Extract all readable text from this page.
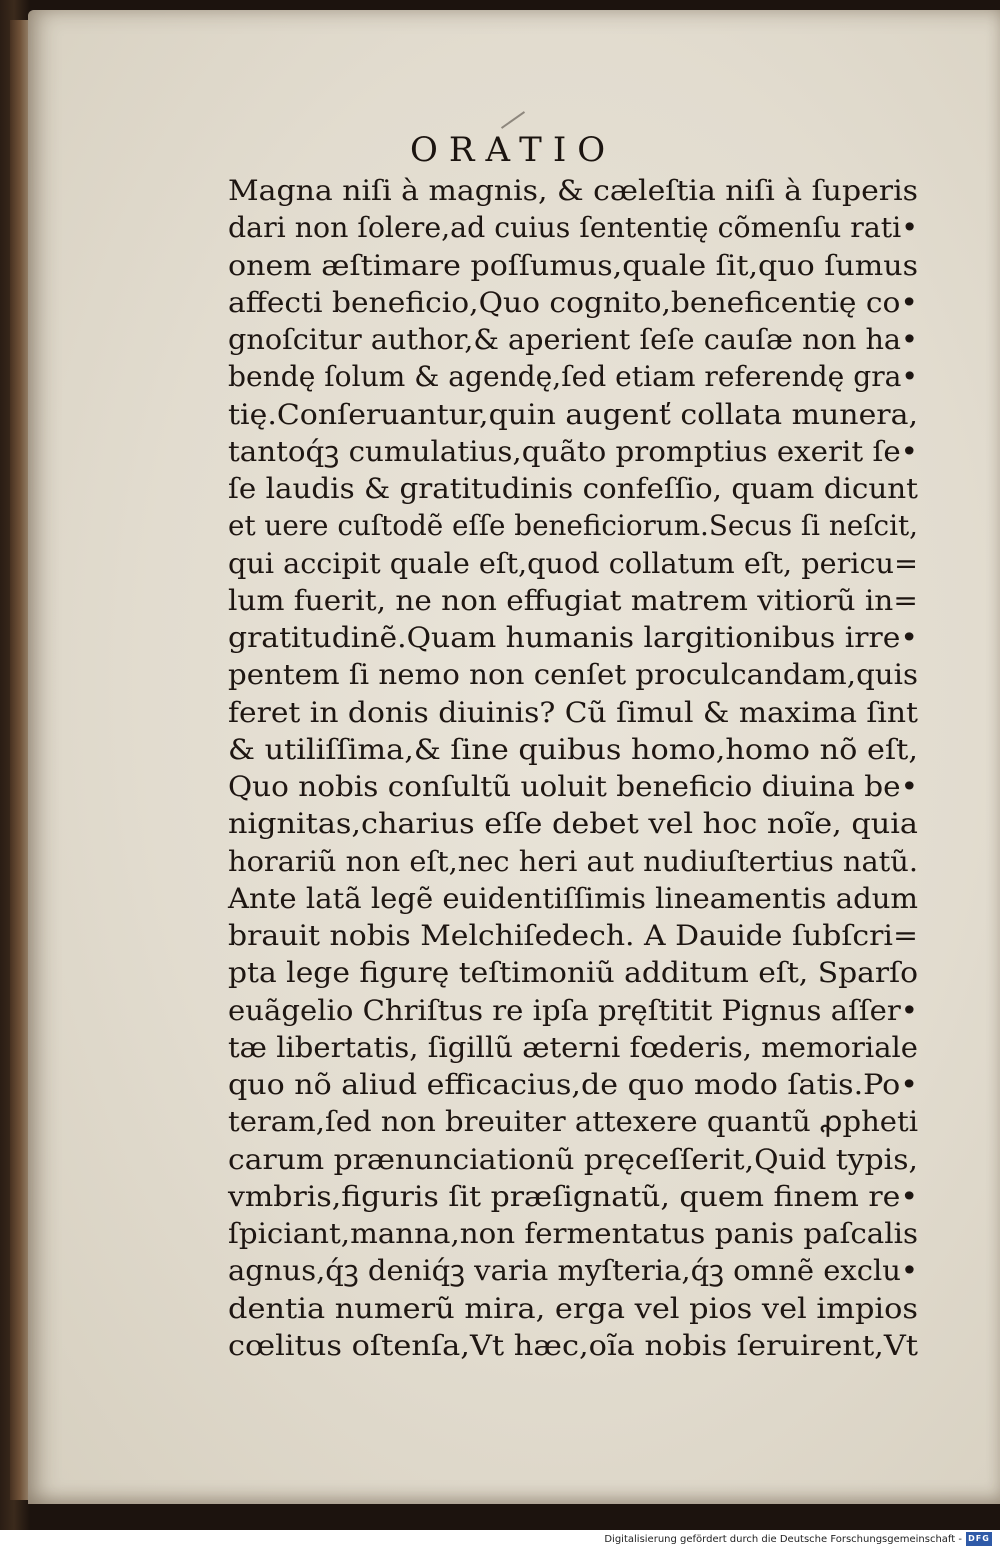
ORATIO
Magna niſi à magnis, & cæleſtia niſi à ſuperis
dari non ſolere,ad cuius ſententię cõmenſu rati•
onem æſtimare poſſumus,quale ſit,quo ſumus
affecti beneficio,Quo cognito,beneficentię co•
gnoſcitur author,& aperient ſeſe cauſæ non ha•
bendę ſolum & agendę,ſed etiam referendę gra•
tię.Conſeruantur,quin augenť collata munera,
tantoq́ꝫ cumulatius,quãto promptius exerit ſe•
ſe laudis & gratitudinis confeſſio, quam dicunt
et uere cuſtodẽ eſſe beneficiorum.Secus ſi neſcit,
qui accipit quale eſt,quod collatum eſt, pericu=
lum fuerit, ne non effugiat matrem vitiorũ in=
gratitudinẽ.Quam humanis largitionibus irre•
pentem ſi nemo non cenſet proculcandam,quis
feret in donis diuinis? Cũ ſimul & maxima ſint
& utiliſſima,& ſine quibus homo,homo nõ eſt,
Quo nobis conſultũ uoluit beneficio diuina be•
nignitas,charius eſſe debet vel hoc noĩe, quia
horariũ non eſt,nec heri aut nudiuſtertius natũ.
Ante latã legẽ euidentiſſimis lineamentis adum
brauit nobis Melchiſedech. A Dauide ſubſcri=
pta lege figurę teſtimoniũ additum eſt, Sparſo
euãgelio Chriſtus re ipſa pręſtitit Pignus aſſer•
tæ libertatis, ſigillũ æterni fœderis, memoriale
quo nõ aliud efficacius,de quo modo ſatis.Po•
teram,ſed non breuiter attexere quantũ ꝓpheti
carum prænunciationũ pręceſſerit,Quid typis,
vmbris,figuris ſit præſignatũ, quem finem re•
ſpiciant,manna,non fermentatus panis paſcalis
agnus,q́ꝫ deniq́ꝫ varia myſteria,q́ꝫ omnẽ exclu•
dentia numerũ mira, erga vel pios vel impios
cœlitus oſtenſa,Vt hæc,oĩa nobis ſeruirent,Vt
Digitalisierung gefördert durch die Deutsche Forschungsgemeinschaft - DFG
